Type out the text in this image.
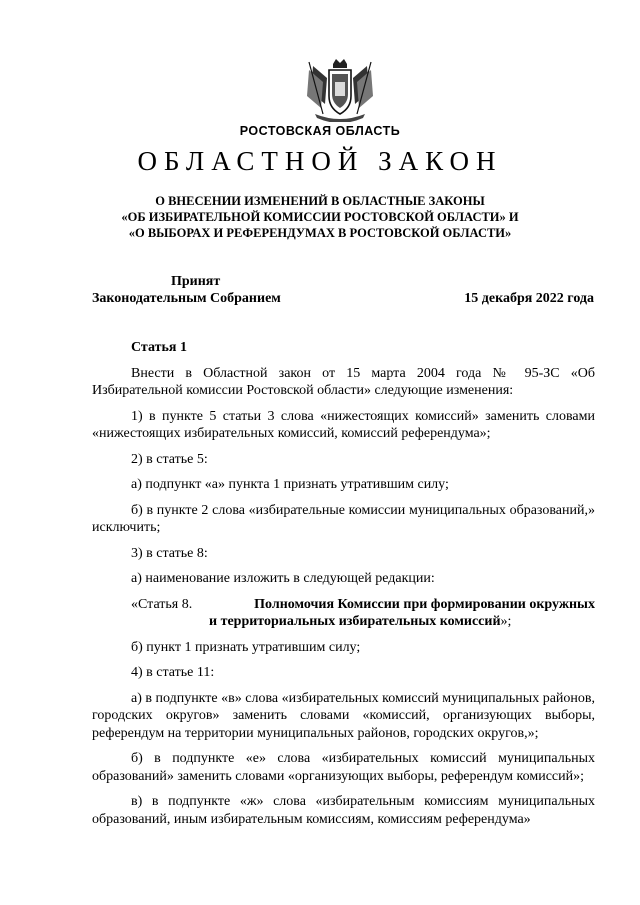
РОСТОВСКАЯ ОБЛАСТЬ
ОБЛАСТНОЙ ЗАКОН
О ВНЕСЕНИИ ИЗМЕНЕНИЙ В ОБЛАСТНЫЕ ЗАКОНЫ
«ОБ ИЗБИРАТЕЛЬНОЙ КОМИССИИ РОСТОВСКОЙ ОБЛАСТИ» И
«О ВЫБОРАХ И РЕФЕРЕНДУМАХ В РОСТОВСКОЙ ОБЛАСТИ»
Принят
Законодательным Собранием	15 декабря 2022 года
Статья 1
Внести в Областной закон от 15 марта 2004 года № 95-ЗС «Об Избирательной комиссии Ростовской области» следующие изменения:
1) в пункте 5 статьи 3 слова «нижестоящих комиссий» заменить словами «нижестоящих избирательных комиссий, комиссий референдума»;
2) в статье 5:
а) подпункт «а» пункта 1 признать утратившим силу;
б) в пункте 2 слова «избирательные комиссии муниципальных образований,» исключить;
3) в статье 8:
а) наименование изложить в следующей редакции:
«Статья 8.	Полномочия Комиссии при формировании окружных
и территориальных избирательных комиссий»;
б) пункт 1 признать утратившим силу;
4) в статье 11:
а) в подпункте «в» слова «избирательных комиссий муниципальных районов, городских округов» заменить словами «комиссий, организующих выборы, референдум на территории муниципальных районов, городских округов,»;
б) в подпункте «е» слова «избирательных комиссий муниципальных образований» заменить словами «организующих выборы, референдум комиссий»;
в) в подпункте «ж» слова «избирательным комиссиям муниципальных образований, иным избирательным комиссиям, комиссиям референдума»
